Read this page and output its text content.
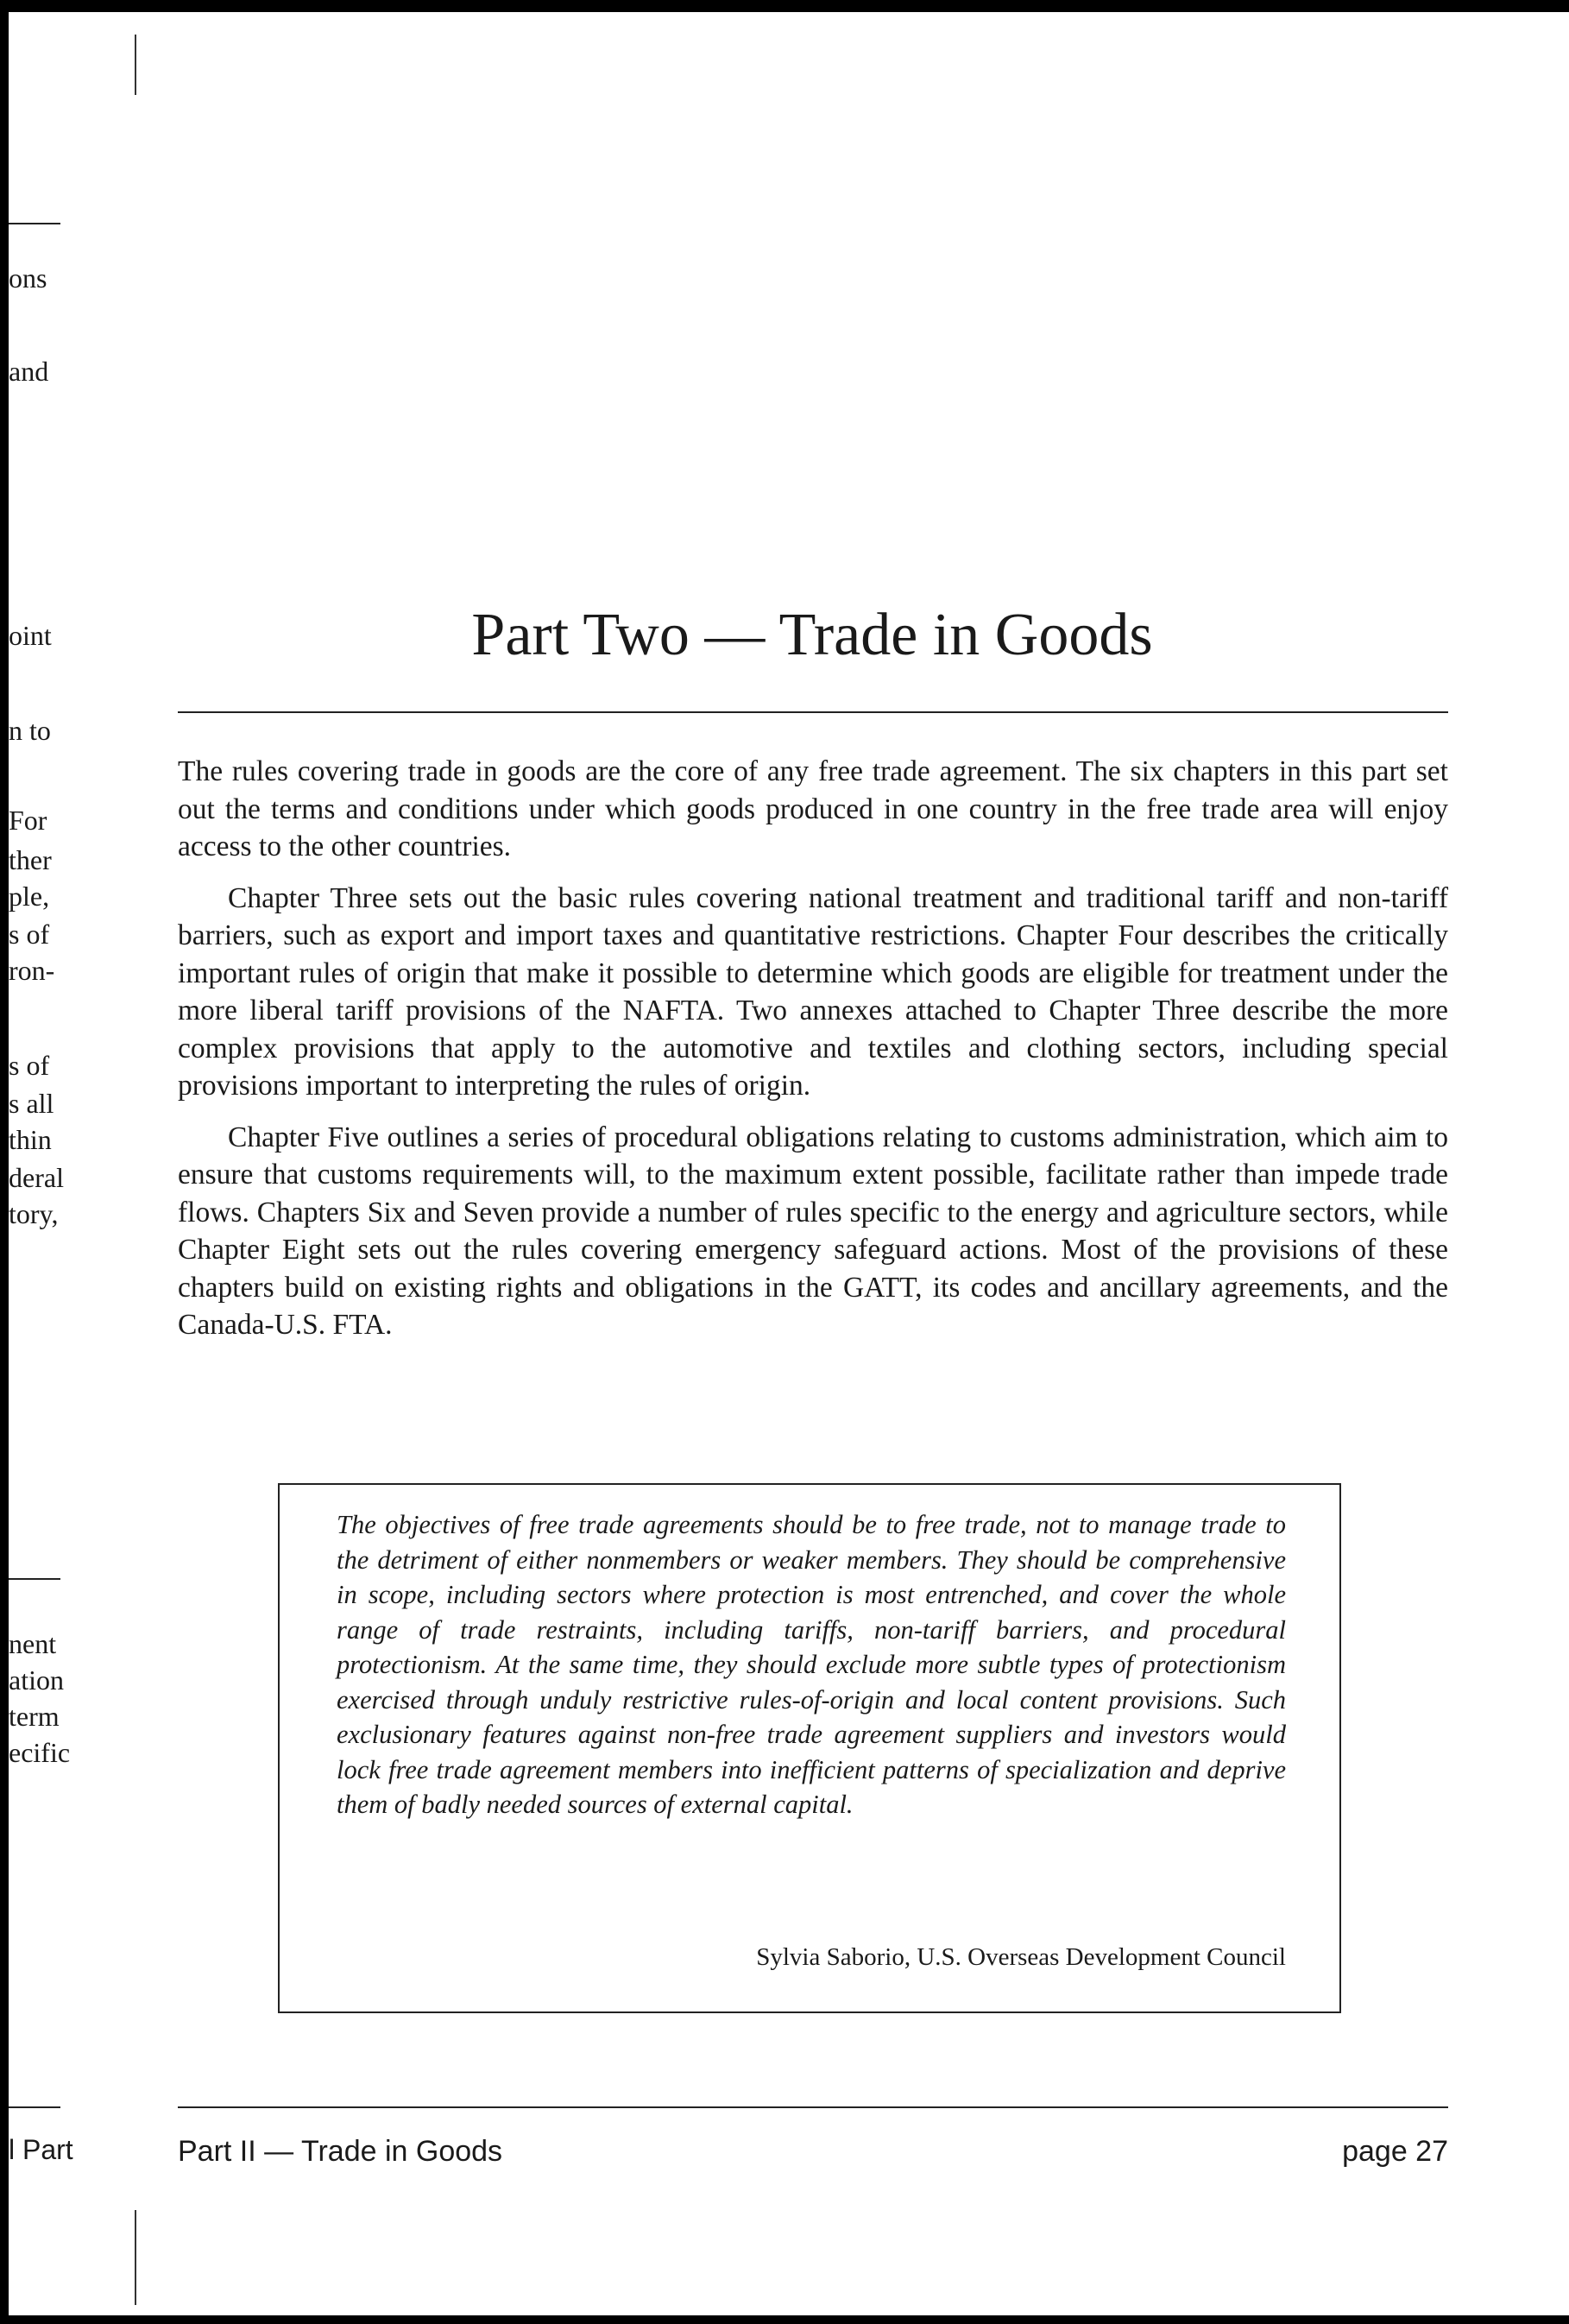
ons
and
oint
n to
For
ther
ple,
s of
ron-
s of
s all
thin
deral
tory,
nent
ation
term
ecific
l Part
Part Two — Trade in Goods

The rules covering trade in goods are the core of any free trade agreement. The six chapters in this part set out the terms and conditions under which goods produced in one country in the free trade area will enjoy access to the other countries.

Chapter Three sets out the basic rules covering national treatment and traditional tariff and non-tariff barriers, such as export and import taxes and quantitative restrictions. Chapter Four describes the critically important rules of origin that make it possible to determine which goods are eligible for treatment under the more liberal tariff provisions of the NAFTA. Two annexes attached to Chapter Three describe the more complex provisions that apply to the automotive and textiles and clothing sectors, including special provisions important to interpreting the rules of origin.

Chapter Five outlines a series of procedural obligations relating to customs administration, which aim to ensure that customs requirements will, to the maximum extent possible, facilitate rather than impede trade flows. Chapters Six and Seven provide a number of rules specific to the energy and agriculture sectors, while Chapter Eight sets out the rules covering emergency safeguard actions. Most of the provisions of these chapters build on existing rights and obligations in the GATT, its codes and ancillary agreements, and the Canada-U.S. FTA.

The objectives of free trade agreements should be to free trade, not to manage trade to the detriment of either nonmembers or weaker members. They should be comprehensive in scope, including sectors where protection is most entrenched, and cover the whole range of trade restraints, including tariffs, non-tariff barriers, and procedural protectionism. At the same time, they should exclude more subtle types of protectionism exercised through unduly restrictive rules-of-origin and local content provisions. Such exclusionary features against non-free trade agreement suppliers and investors would lock free trade agreement members into inefficient patterns of specialization and deprive them of badly needed sources of external capital.

Sylvia Saborio, U.S. Overseas Development Council
Part II — Trade in Goods	page 27
